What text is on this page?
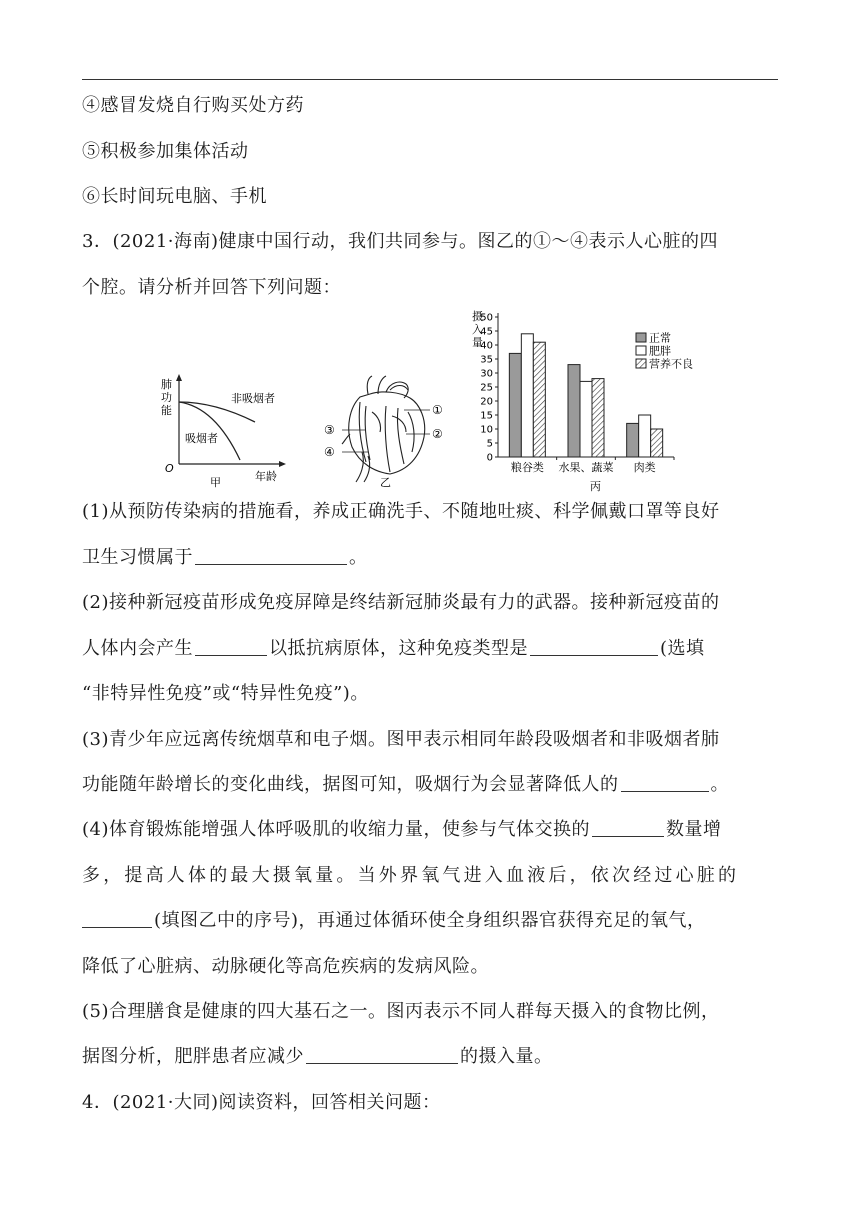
④感冒发烧自行购买处方药
⑤积极参加集体活动
⑥长时间玩电脑、手机
3．(2021·海南)健康中国行动，我们共同参与。图乙的①～④表示人心脏的四
个腔。请分析并回答下列问题：
肺
功
能
非吸烟者
吸烟者
O
年龄
甲
①
②
③
④
乙
摄
入
量
0
5
10
15
20
25
30
35
40
45
50
粮谷类 水果、蔬菜 肉类
正常
肥胖
营养不良
丙
(1)从预防传染病的措施看，养成正确洗手、不随地吐痰、科学佩戴口罩等良好
卫生习惯属于	。
(2)接种新冠疫苗形成免疫屏障是终结新冠肺炎最有力的武器。接种新冠疫苗的
人体内会产生	以抵抗病原体，这种免疫类型是	(选填
“非特异性免疫”或“特异性免疫”)。
(3)青少年应远离传统烟草和电子烟。图甲表示相同年龄段吸烟者和非吸烟者肺
功能随年龄增长的变化曲线，据图可知，吸烟行为会显著降低人的	。
(4)体育锻炼能增强人体呼吸肌的收缩力量，使参与气体交换的	数量增
多，提高人体的最大摄氧量。当外界氧气进入血液后，依次经过心脏的
(填图乙中的序号)，再通过体循环使全身组织器官获得充足的氧气，
降低了心脏病、动脉硬化等高危疾病的发病风险。
(5)合理膳食是健康的四大基石之一。图丙表示不同人群每天摄入的食物比例，
据图分析，肥胖患者应减少	的摄入量。
4．(2021·大同)阅读资料，回答相关问题：
